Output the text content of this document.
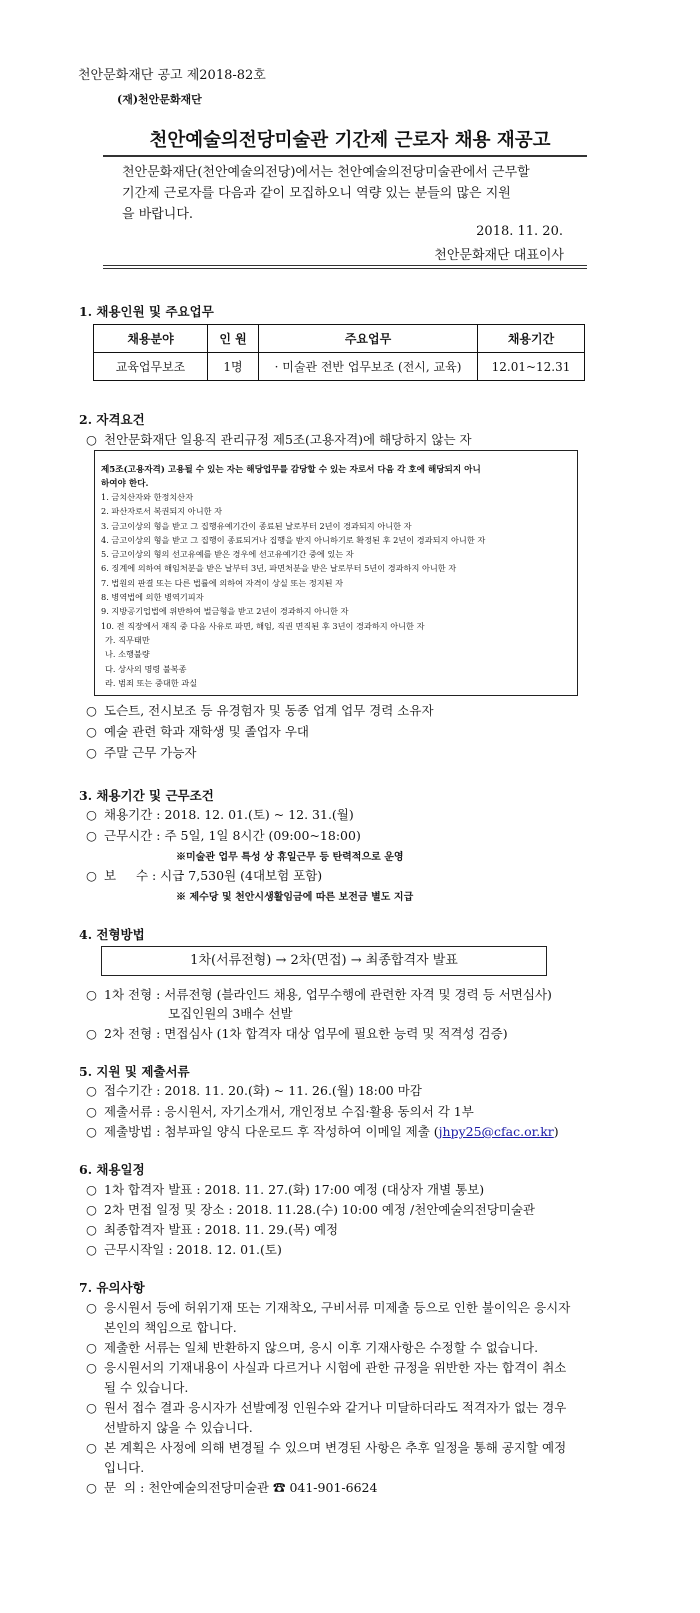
천안문화재단 공고 제2018-82호
(재)천안문화재단
천안예술의전당미술관 기간제 근로자 채용 재공고
천안문화재단(천안예술의전당)에서는 천안예술의전당미술관에서 근무할
기간제 근로자를 다음과 같이 모집하오니 역량 있는 분들의 많은 지원
을 바랍니다.
2018. 11. 20.
천안문화재단 대표이사
1. 채용인원 및 주요업무
채용분야	인 원	주요업무	채용기간
교육업무보조	1명	· 미술관 전반 업무보조 (전시, 교육)	12.01~12.31
2. 자격요건
○ 천안문화재단 일용직 관리규정 제5조(고용자격)에 해당하지 않는 자
제5조(고용자격) 고용될 수 있는 자는 해당업무를 감당할 수 있는 자로서 다음 각 호에 해당되지 아니
하여야 한다.
1. 금치산자와 한정치산자
2. 파산자로서 복권되지 아니한 자
3. 금고이상의 형을 받고 그 집행유예기간이 종료된 날로부터 2년이 경과되지 아니한 자
4. 금고이상의 형을 받고 그 집행이 종료되거나 집행을 받지 아니하기로 확정된 후 2년이 경과되지 아니한 자
5. 금고이상의 형의 선고유예를 받은 경우에 선고유예기간 중에 있는 자
6. 징계에 의하여 해임처분을 받은 날부터 3년, 파면처분을 받은 날로부터 5년이 경과하지 아니한 자
7. 법원의 판결 또는 다른 법률에 의하여 자격이 상실 또는 정지된 자
8. 병역법에 의한 병역기피자
9. 지방공기업법에 위반하여 벌금형을 받고 2년이 경과하지 아니한 자
10. 전 직장에서 재직 중 다음 사유로 파면, 해임, 직권 면직된 후 3년이 경과하지 아니한 자
가. 직무태만
나. 소행불량
다. 상사의 명령 불복종
라. 범죄 또는 중대한 과실
○ 도슨트, 전시보조 등 유경험자 및 동종 업계 업무 경력 소유자
○ 예술 관련 학과 재학생 및 졸업자 우대
○ 주말 근무 가능자
3. 채용기간 및 근무조건
○ 채용기간 : 2018. 12. 01.(토) ~ 12. 31.(월)
○ 근무시간 : 주 5일, 1일 8시간 (09:00~18:00)
※미술관 업무 특성 상 휴일근무 등 탄력적으로 운영
○ 보     수 : 시급 7,530원 (4대보험 포함)
※ 제수당 및 천안시생활임금에 따른 보전금 별도 지급
4. 전형방법
1차(서류전형) → 2차(면접) → 최종합격자 발표
○ 1차 전형 : 서류전형 (블라인드 채용, 업무수행에 관련한 자격 및 경력 등 서면심사)
모집인원의 3배수 선발
○ 2차 전형 : 면접심사 (1차 합격자 대상 업무에 필요한 능력 및 적격성 검증)
5. 지원 및 제출서류
○ 접수기간 : 2018. 11. 20.(화) ~ 11. 26.(월) 18:00 마감
○ 제출서류 : 응시원서, 자기소개서, 개인정보 수집·활용 동의서 각 1부
○ 제출방법 : 첨부파일 양식 다운로드 후 작성하여 이메일 제출 (jhpy25@cfac.or.kr)
6. 채용일정
○ 1차 합격자 발표 : 2018. 11. 27.(화) 17:00 예정 (대상자 개별 통보)
○ 2차 면접 일정 및 장소 : 2018. 11.28.(수) 10:00 예정 /천안예술의전당미술관
○ 최종합격자 발표 : 2018. 11. 29.(목) 예정
○ 근무시작일 : 2018. 12. 01.(토)
7. 유의사항
○ 응시원서 등에 허위기재 또는 기재착오, 구비서류 미제출 등으로 인한 불이익은 응시자
본인의 책임으로 합니다.
○ 제출한 서류는 일체 반환하지 않으며, 응시 이후 기재사항은 수정할 수 없습니다.
○ 응시원서의 기재내용이 사실과 다르거나 시험에 관한 규정을 위반한 자는 합격이 취소
될 수 있습니다.
○ 원서 접수 결과 응시자가 선발예정 인원수와 같거나 미달하더라도 적격자가 없는 경우
선발하지 않을 수 있습니다.
○ 본 계획은 사정에 의해 변경될 수 있으며 변경된 사항은 추후 일정을 통해 공지할 예정
입니다.
○ 문  의 : 천안예술의전당미술관 ☎ 041-901-6624
